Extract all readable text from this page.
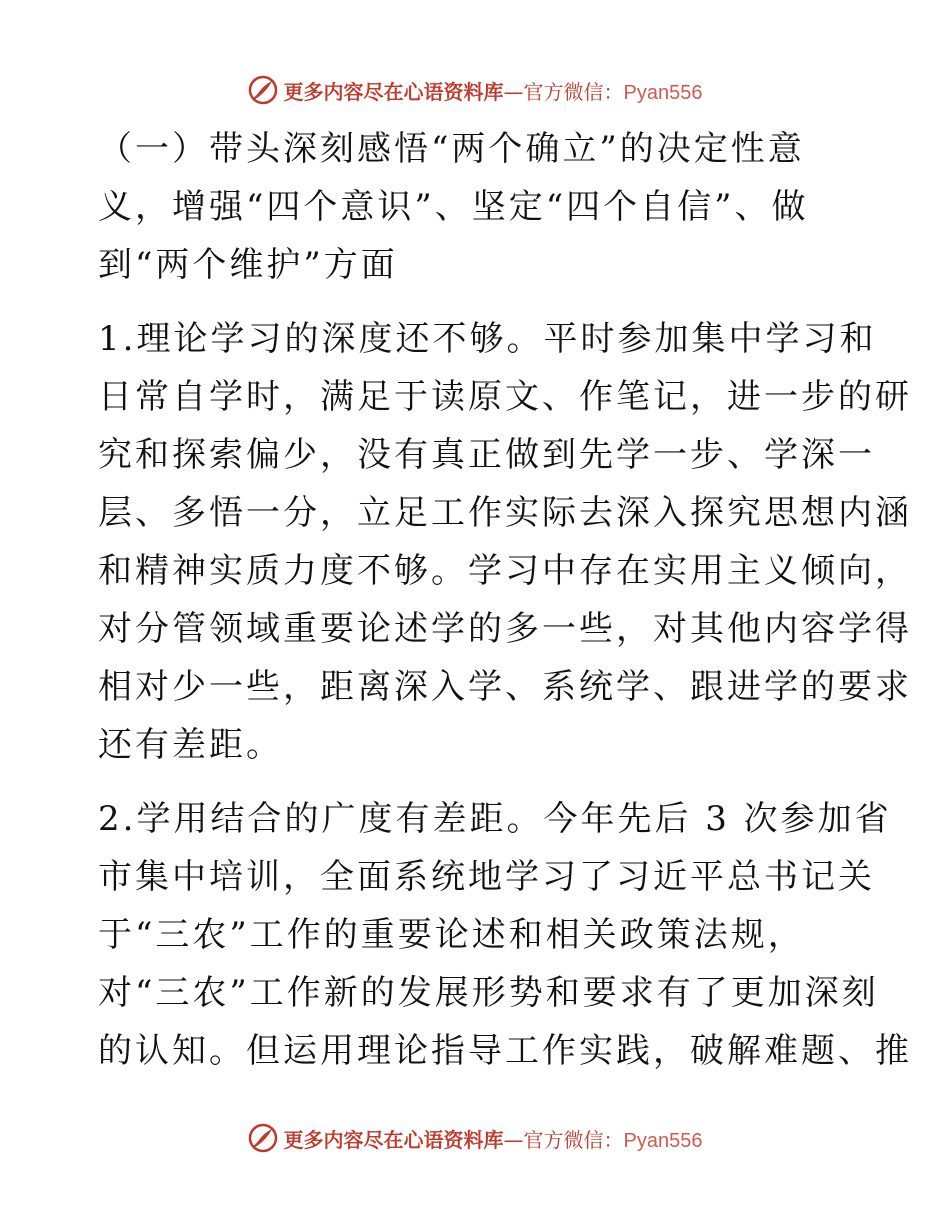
更多内容尽在心语资料库—官方微信：Pyan556
（一）带头深刻感悟“两个确立”的决定性意
义，增强“四个意识”、坚定“四个自信”、做
到“两个维护”方面
1.理论学习的深度还不够。平时参加集中学习和
日常自学时，满足于读原文、作笔记，进一步的研
究和探索偏少，没有真正做到先学一步、学深一
层、多悟一分，立足工作实际去深入探究思想内涵
和精神实质力度不够。学习中存在实用主义倾向，
对分管领域重要论述学的多一些，对其他内容学得
相对少一些，距离深入学、系统学、跟进学的要求
还有差距。
2.学用结合的广度有差距。今年先后 3 次参加省
市集中培训，全面系统地学习了习近平总书记关
于“三农”工作的重要论述和相关政策法规，
对“三农”工作新的发展形势和要求有了更加深刻
的认知。但运用理论指导工作实践，破解难题、推
更多内容尽在心语资料库—官方微信：Pyan556
